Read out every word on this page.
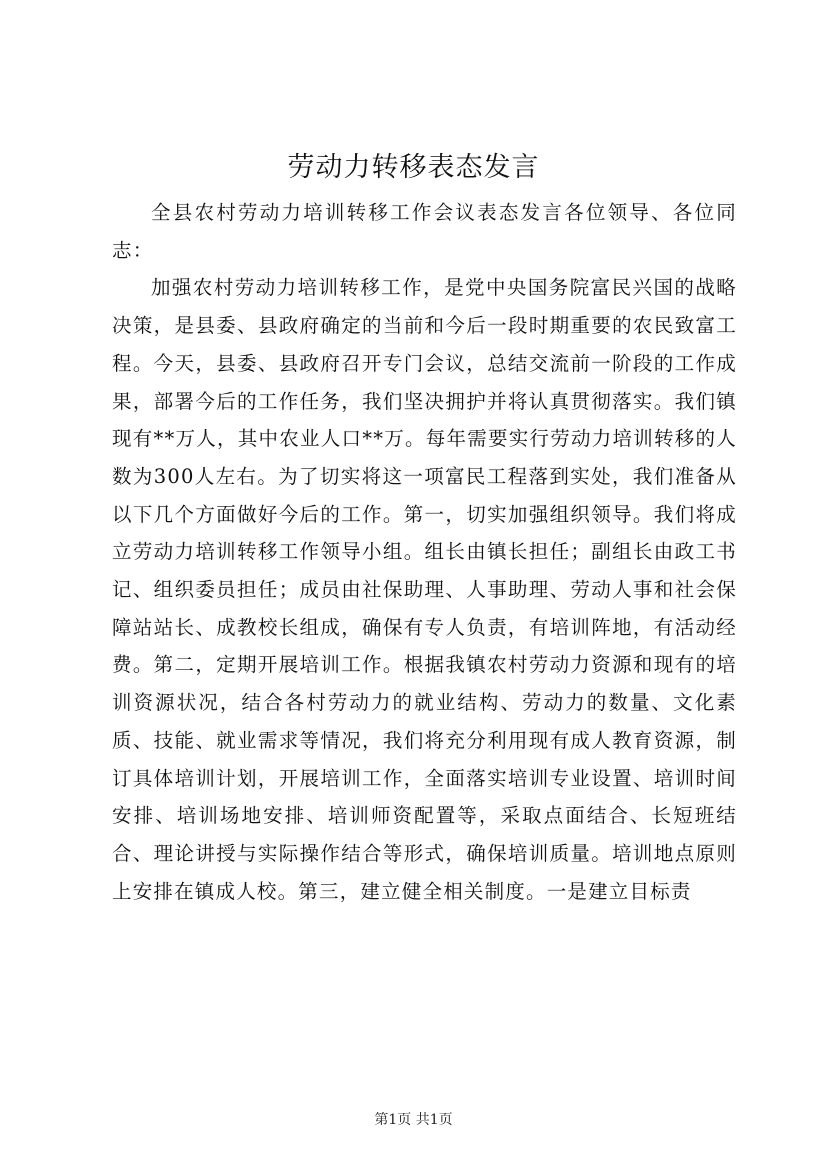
劳动力转移表态发言

全县农村劳动力培训转移工作会议表态发言各位领导、各位同志：

加强农村劳动力培训转移工作，是党中央国务院富民兴国的战略决策，是县委、县政府确定的当前和今后一段时期重要的农民致富工程。今天，县委、县政府召开专门会议，总结交流前一阶段的工作成果，部署今后的工作任务，我们坚决拥护并将认真贯彻落实。我们镇现有**万人，其中农业人口**万。每年需要实行劳动力培训转移的人数为300人左右。为了切实将这一项富民工程落到实处，我们准备从以下几个方面做好今后的工作。第一，切实加强组织领导。我们将成立劳动力培训转移工作领导小组。组长由镇长担任；副组长由政工书记、组织委员担任；成员由社保助理、人事助理、劳动人事和社会保障站站长、成教校长组成，确保有专人负责，有培训阵地，有活动经费。第二，定期开展培训工作。根据我镇农村劳动力资源和现有的培训资源状况，结合各村劳动力的就业结构、劳动力的数量、文化素质、技能、就业需求等情况，我们将充分利用现有成人教育资源，制订具体培训计划，开展培训工作，全面落实培训专业设置、培训时间安排、培训场地安排、培训师资配置等，采取点面结合、长短班结合、理论讲授与实际操作结合等形式，确保培训质量。培训地点原则上安排在镇成人校。第三，建立健全相关制度。一是建立目标责

第1页 共1页
